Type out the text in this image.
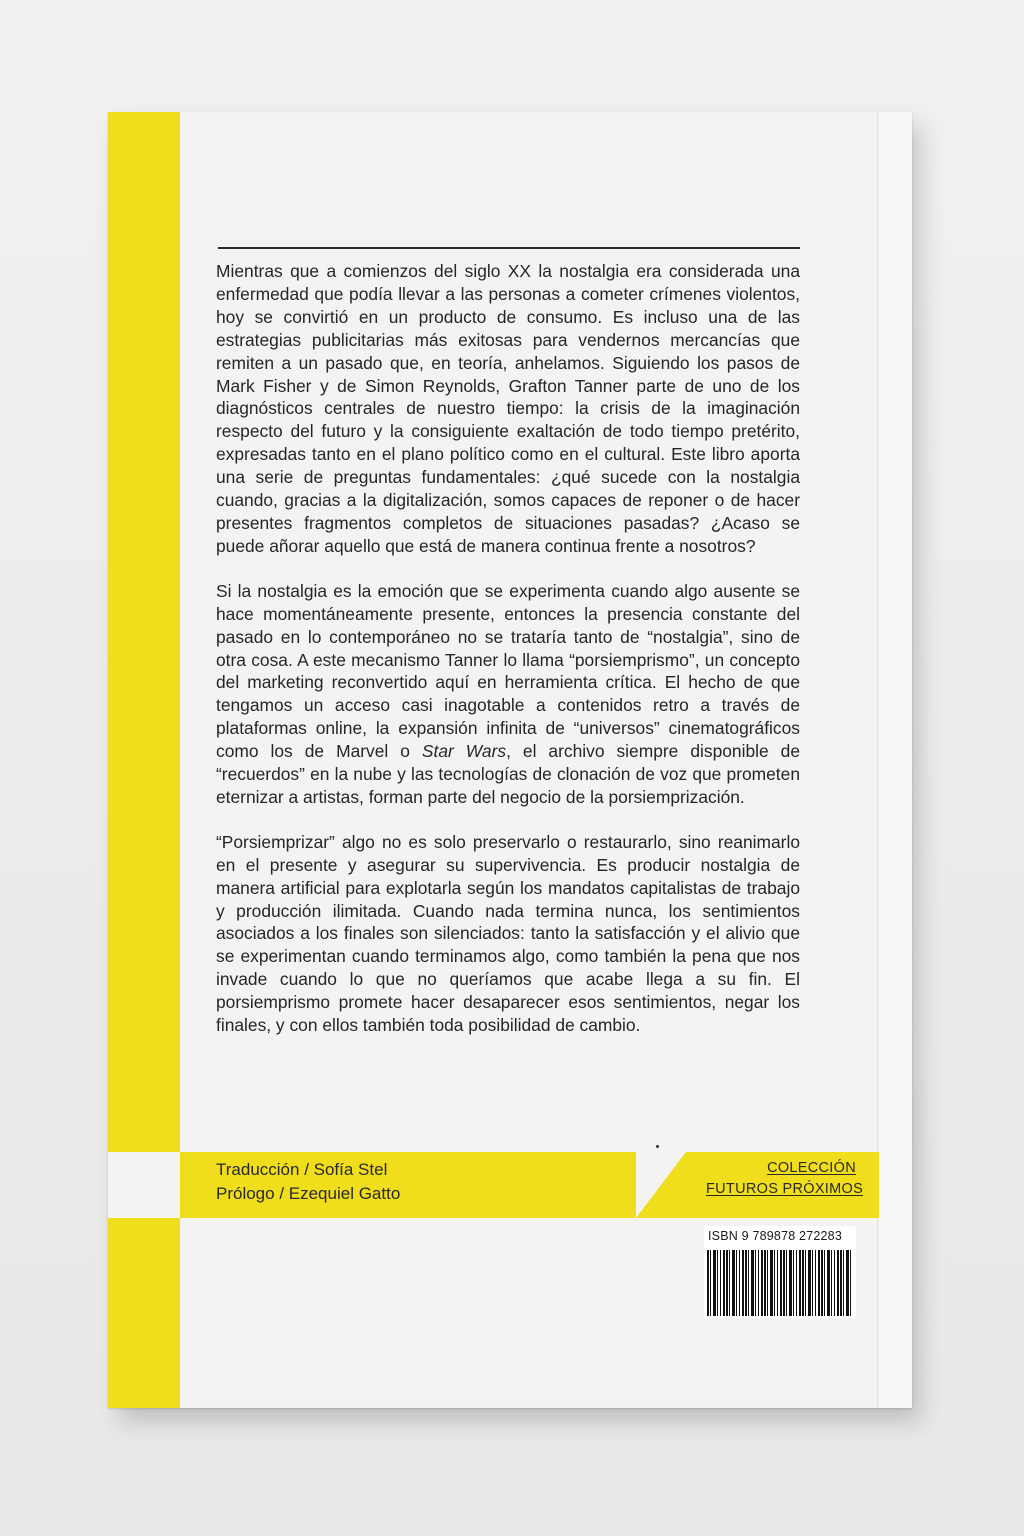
Mientras que a comienzos del siglo XX la nostalgia era considerada una enfermedad que podía llevar a las personas a cometer crímenes violentos, hoy se convirtió en un producto de consumo. Es incluso una de las estrategias publicitarias más exitosas para vendernos mercancías que remiten a un pasado que, en teoría, anhelamos. Siguiendo los pasos de Mark Fisher y de Simon Reynolds, Grafton Tanner parte de uno de los diagnósticos centrales de nuestro tiempo: la crisis de la imaginación respecto del futuro y la consiguiente exaltación de todo tiempo pretérito, expresadas tanto en el plano político como en el cultural. Este libro aporta una serie de preguntas fundamentales: ¿qué sucede con la nostalgia cuando, gracias a la digitalización, somos capaces de reponer o de hacer presentes fragmentos completos de situaciones pasadas? ¿Acaso se puede añorar aquello que está de manera continua frente a nosotros?

Si la nostalgia es la emoción que se experimenta cuando algo ausente se hace momentáneamente presente, entonces la presencia constante del pasado en lo contemporáneo no se trataría tanto de “nostalgia”, sino de otra cosa. A este mecanismo Tanner lo llama “porsiemprismo”, un concepto del marketing reconvertido aquí en herramienta crítica. El hecho de que tengamos un acceso casi inagotable a contenidos retro a través de plataformas online, la expansión infinita de “universos” cinematográficos como los de Marvel o Star Wars, el archivo siempre disponible de “recuerdos” en la nube y las tecnologías de clonación de voz que prometen eternizar a artistas, forman parte del negocio de la porsiemprización.

“Porsiemprizar” algo no es solo preservarlo o restaurarlo, sino reanimarlo en el presente y asegurar su supervivencia. Es producir nostalgia de manera artificial para explotarla según los mandatos capitalistas de trabajo y producción ilimitada. Cuando nada termina nunca, los sentimientos asociados a los finales son silenciados: tanto la satisfacción y el alivio que se experimentan cuando terminamos algo, como también la pena que nos invade cuando lo que no queríamos que acabe llega a su fin. El porsiemprismo promete hacer desaparecer esos sentimientos, negar los finales, y con ellos también toda posibilidad de cambio.

Traducción / Sofía Stel
Prólogo / Ezequiel Gatto
COLECCIÓN
FUTUROS PRÓXIMOS
ISBN 9 789878 272283
